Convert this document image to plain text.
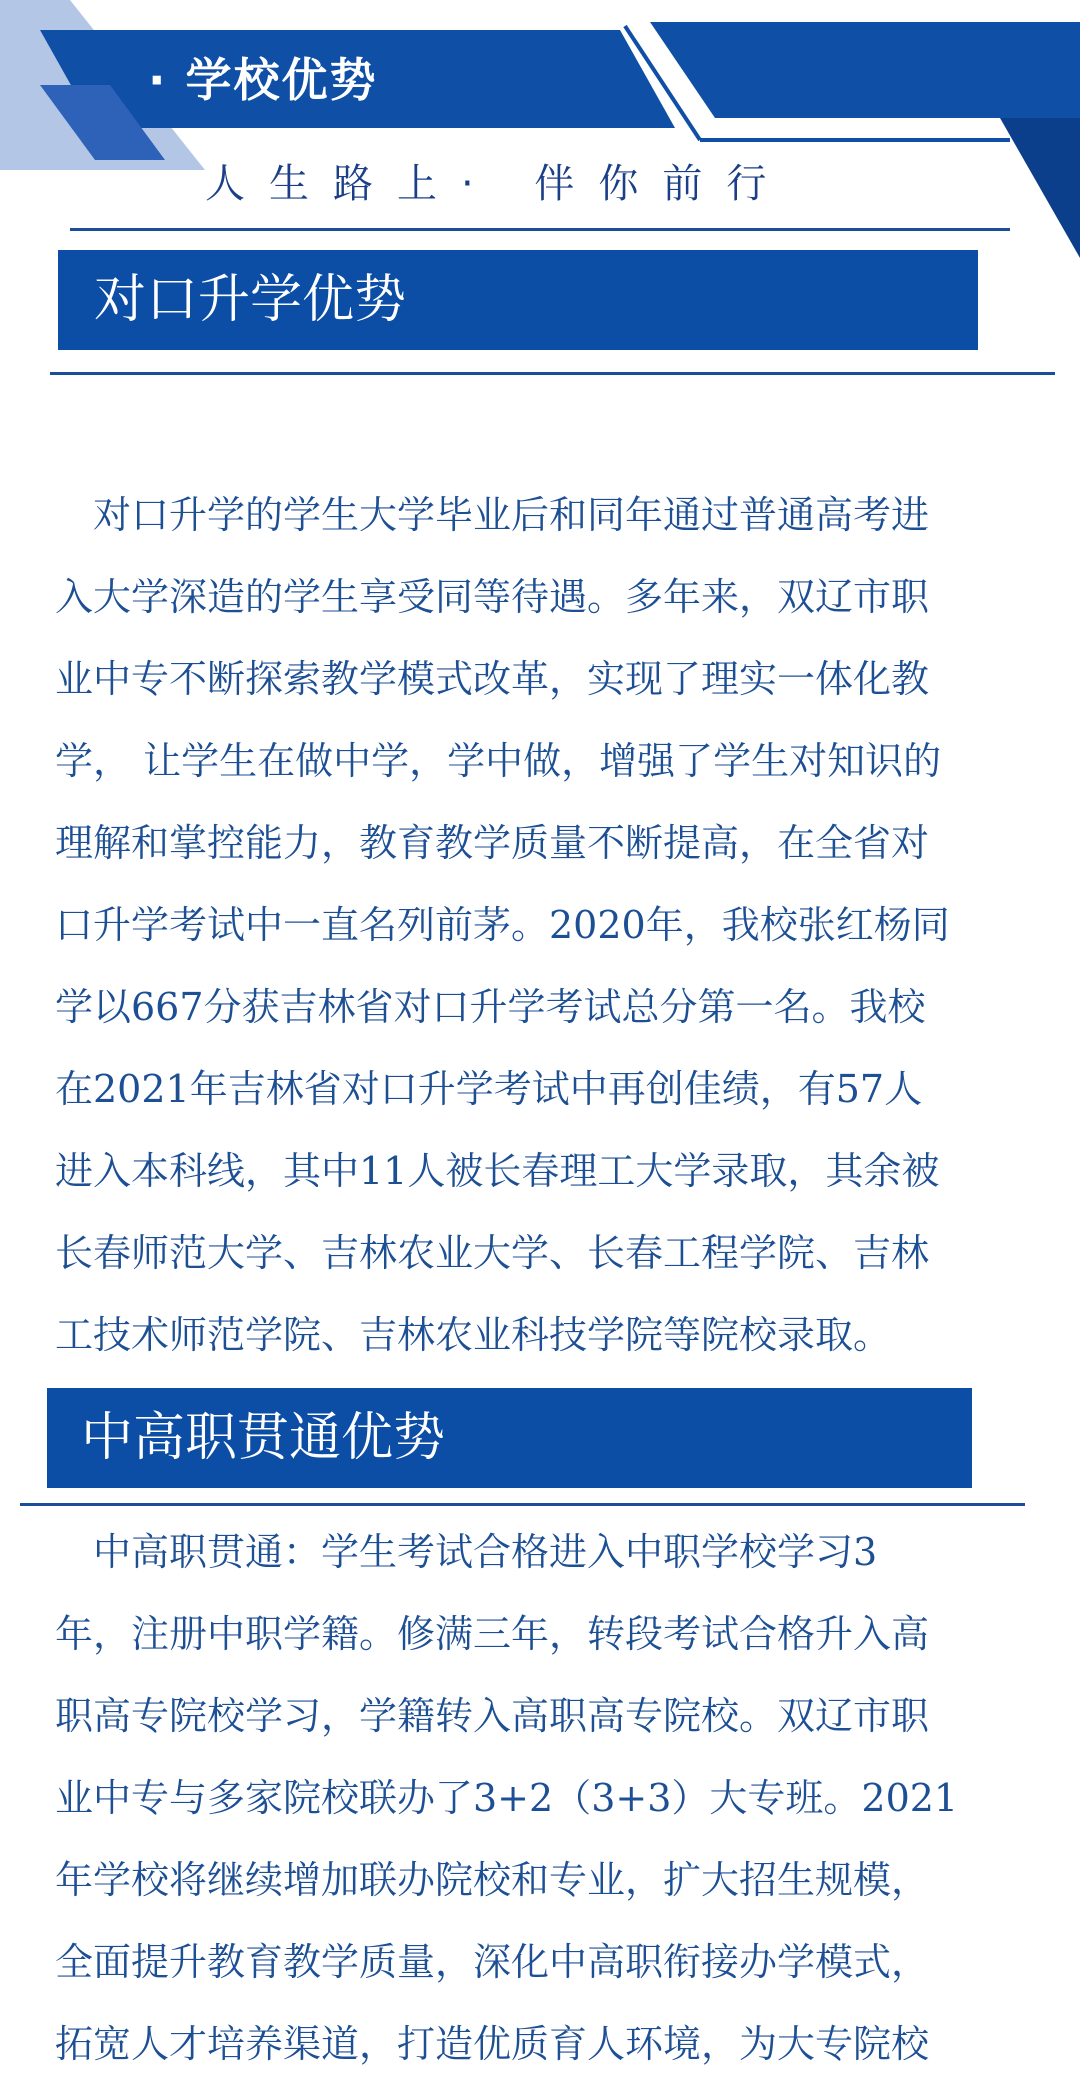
· 学校优势
人生路上· 伴你前行
对口升学优势
　对口升学的学生大学毕业后和同年通过普通高考进
入大学深造的学生享受同等待遇。多年来，双辽市职
业中专不断探索教学模式改革，实现了理实一体化教
学， 让学生在做中学，学中做，增强了学生对知识的
理解和掌控能力，教育教学质量不断提高，在全省对
口升学考试中一直名列前茅。2020年，我校张红杨同
学以667分获吉林省对口升学考试总分第一名。我校
在2021年吉林省对口升学考试中再创佳绩，有57人
进入本科线，其中11人被长春理工大学录取，其余被
长春师范大学、吉林农业大学、长春工程学院、吉林
工技术师范学院、吉林农业科技学院等院校录取。
中高职贯通优势
　中高职贯通：学生考试合格进入中职学校学习3
年，注册中职学籍。修满三年，转段考试合格升入高
职高专院校学习，学籍转入高职高专院校。双辽市职
业中专与多家院校联办了3+2（3+3）大专班。2021
年学校将继续增加联办院校和专业，扩大招生规模，
全面提升教育教学质量，深化中高职衔接办学模式，
拓宽人才培养渠道，打造优质育人环境，为大专院校
